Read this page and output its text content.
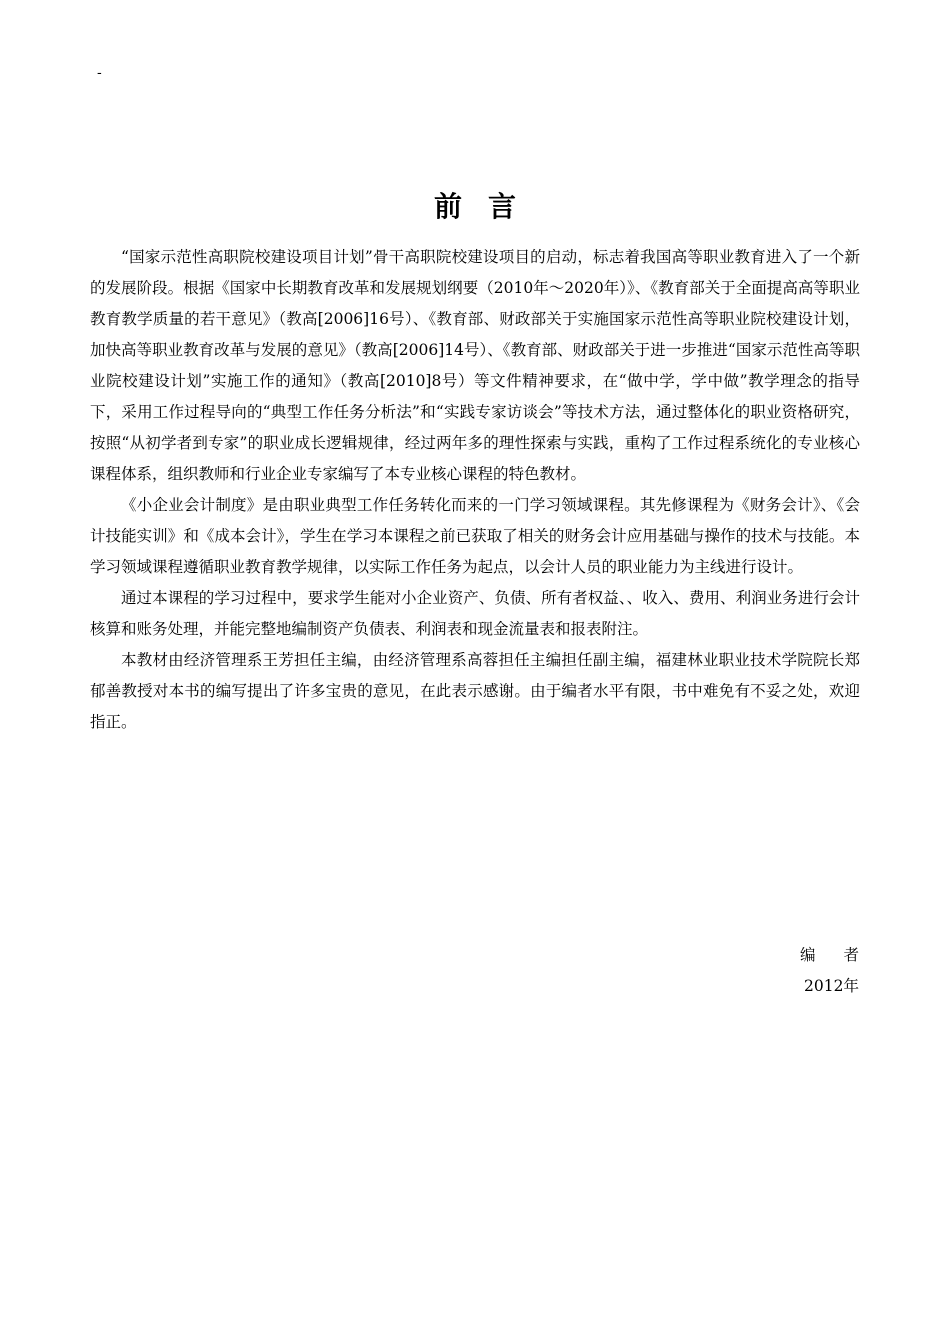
-
前言

“国家示范性高职院校建设项目计划”骨干高职院校建设项目的启动，标志着我国高等职业教育进入了一个新的发展阶段。根据《国家中长期教育改革和发展规划纲要（2010年～2020年）》、《教育部关于全面提高高等职业教育教学质量的若干意见》（教高[2006]16号）、《教育部、财政部关于实施国家示范性高等职业院校建设计划，加快高等职业教育改革与发展的意见》（教高[2006]14号）、《教育部、财政部关于进一步推进“国家示范性高等职业院校建设计划”实施工作的通知》（教高[2010]8号）等文件精神要求，在“做中学，学中做”教学理念的指导下，采用工作过程导向的“典型工作任务分析法”和“实践专家访谈会”等技术方法，通过整体化的职业资格研究，按照“从初学者到专家”的职业成长逻辑规律，经过两年多的理性探索与实践，重构了工作过程系统化的专业核心课程体系，组织教师和行业企业专家编写了本专业核心课程的特色教材。

《小企业会计制度》是由职业典型工作任务转化而来的一门学习领域课程。其先修课程为《财务会计》、《会计技能实训》和《成本会计》，学生在学习本课程之前已获取了相关的财务会计应用基础与操作的技术与技能。本学习领域课程遵循职业教育教学规律，以实际工作任务为起点，以会计人员的职业能力为主线进行设计。

通过本课程的学习过程中，要求学生能对小企业资产、负债、所有者权益、、收入、费用、利润业务进行会计核算和账务处理，并能完整地编制资产负债表、利润表和现金流量表和报表附注。

本教材由经济管理系王芳担任主编，由经济管理系高蓉担任主编担任副主编，福建林业职业技术学院院长郑郁善教授对本书的编写提出了许多宝贵的意见，在此表示感谢。由于编者水平有限，书中难免有不妥之处，欢迎指正。

编者
2012年
